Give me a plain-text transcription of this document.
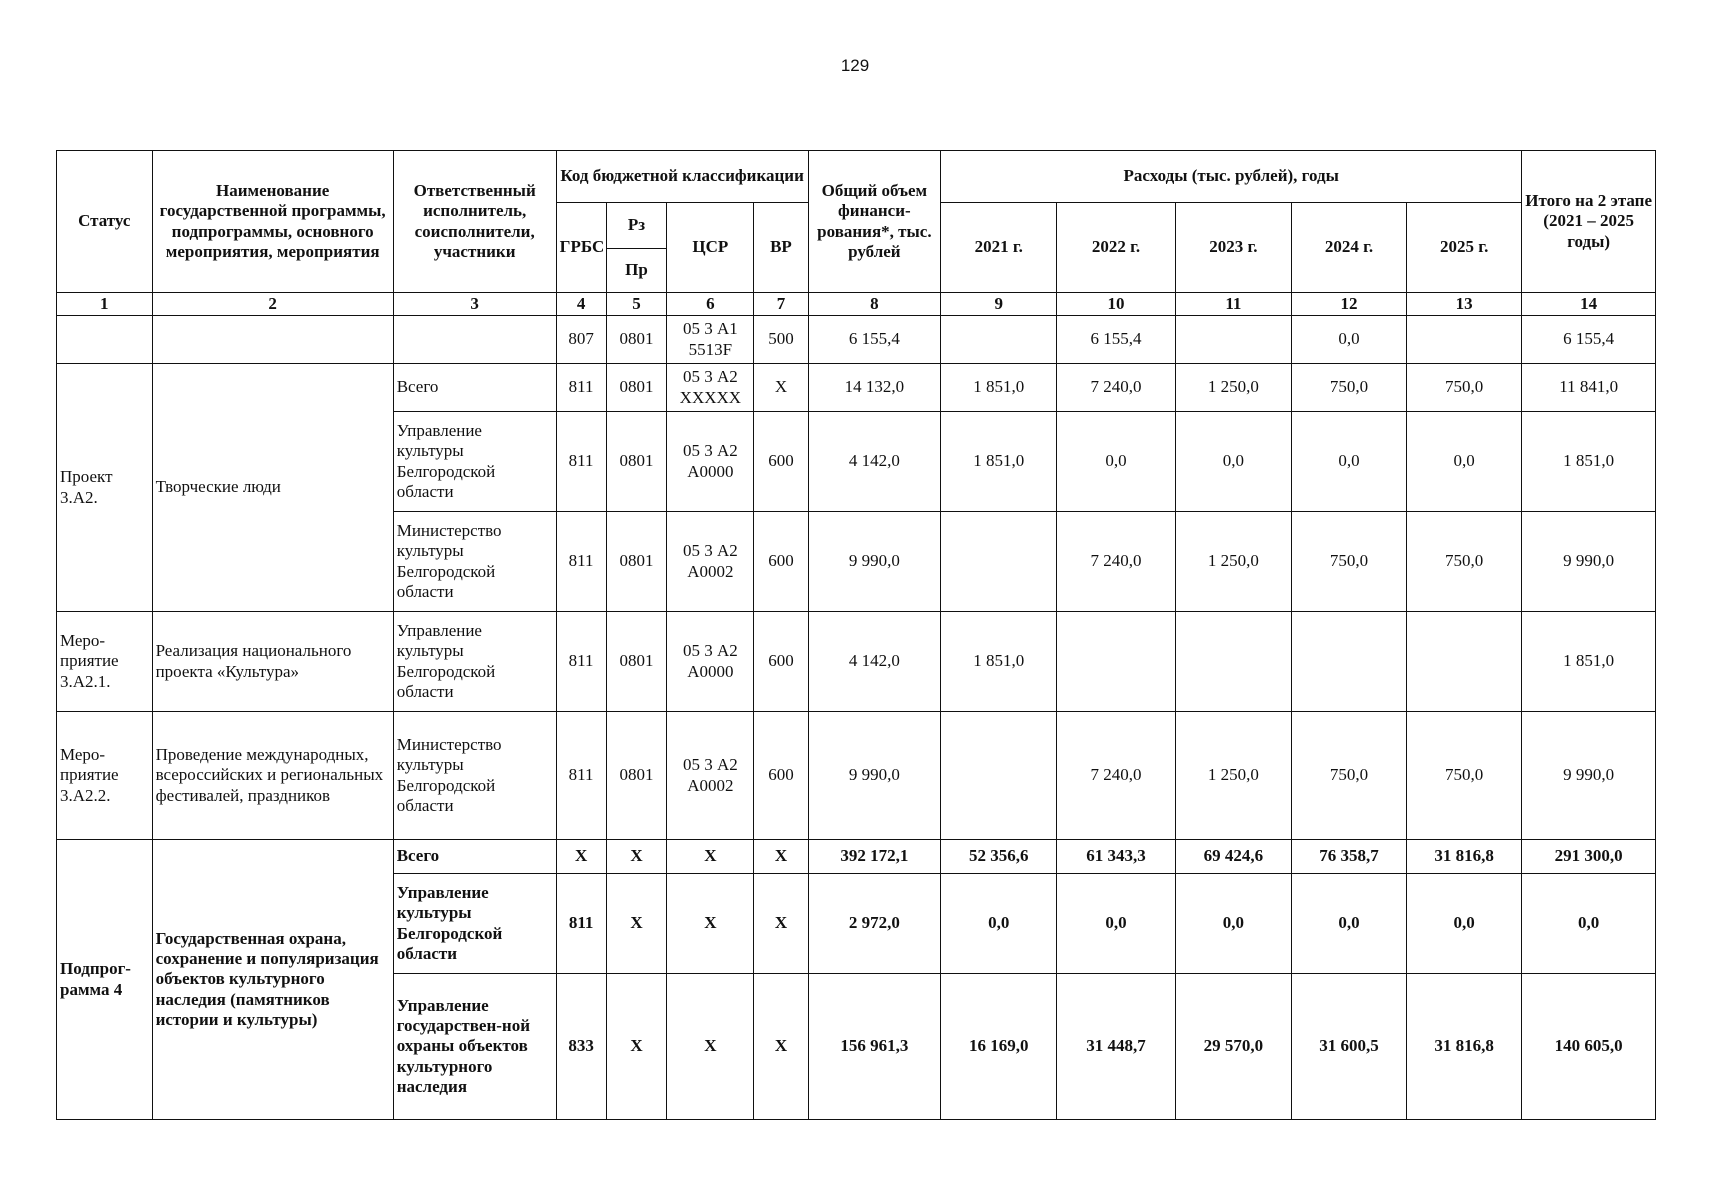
129
Статус	Наименование государственной программы, подпрограммы, основного мероприятия, мероприятия	Ответственный исполнитель, соисполнители, участники	Код бюджетной классификации				Общий объем финанси-рования*, тыс. рублей	Расходы (тыс. рублей), годы					Итого на 2 этапе (2021 – 2025 годы)
			ГРБС	Рз	ЦСР	ВР		2021 г.	2022 г.	2023 г.	2024 г.	2025 г.	
				Пр									
1	2	3	4	5	6	7	8	9	10	11	12	13	14
			807	0801	05 3 А1 5513F	500	6 155,4		6 155,4		0,0		6 155,4
Проект 3.А2.	Творческие люди	Всего	811	0801	05 3 А2 ХХХХХ	Х	14 132,0	1 851,0	7 240,0	1 250,0	750,0	750,0	11 841,0
		Управление культуры Белгородской области	811	0801	05 3 А2 А0000	600	4 142,0	1 851,0	0,0	0,0	0,0	0,0	1 851,0
		Министерство культуры Белгородской области	811	0801	05 3 А2 А0002	600	9 990,0		7 240,0	1 250,0	750,0	750,0	9 990,0
Меро-приятие 3.А2.1.	Реализация национального проекта «Культура»	Управление культуры Белгородской области	811	0801	05 3 А2 А0000	600	4 142,0	1 851,0					1 851,0
Меро-приятие 3.А2.2.	Проведение международных, всероссийских и региональных фестивалей, праздников	Министерство культуры Белгородской области	811	0801	05 3 А2 А0002	600	9 990,0		7 240,0	1 250,0	750,0	750,0	9 990,0
Подпрог-рамма 4	Государственная охрана, сохранение и популяризация объектов культурного наследия (памятников истории и культуры)	Всего	Х	Х	Х	Х	392 172,1	52 356,6	61 343,3	69 424,6	76 358,7	31 816,8	291 300,0
		Управление культуры Белгородской области	811	Х	Х	Х	2 972,0	0,0	0,0	0,0	0,0	0,0	0,0
		Управление государствен-ной охраны объектов культурного наследия	833	Х	Х	Х	156 961,3	16 169,0	31 448,7	29 570,0	31 600,5	31 816,8	140 605,0
